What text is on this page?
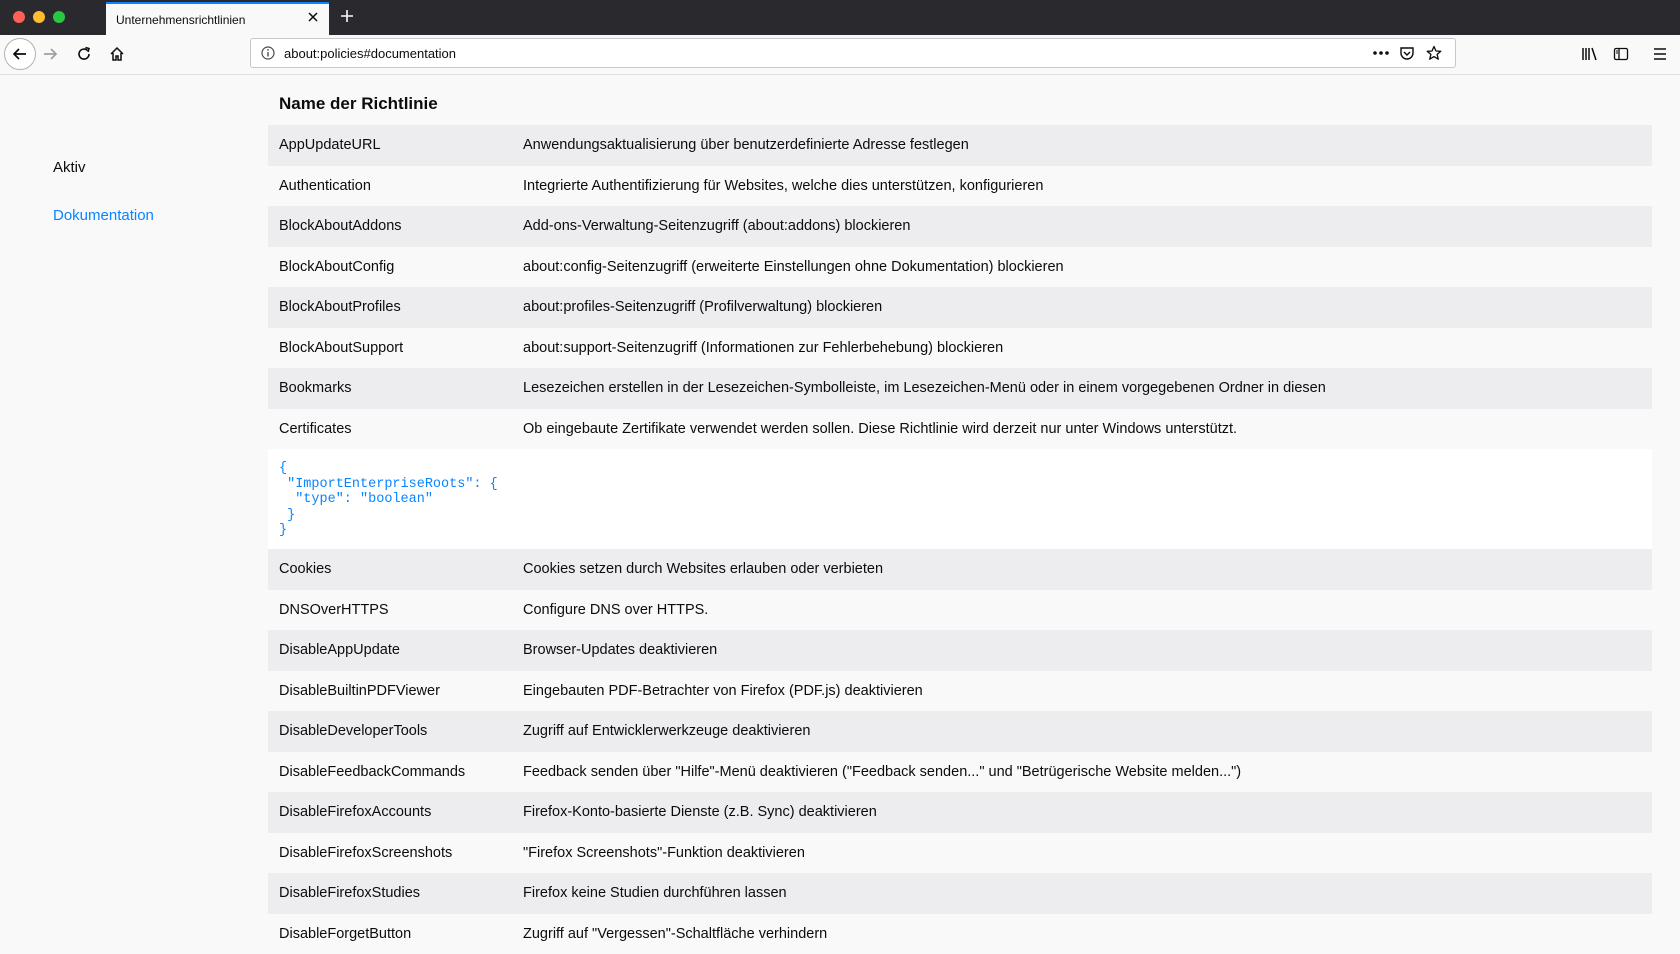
Unternehmensrichtlinien
about:policies#documentation
Aktiv
Dokumentation
Name der Richtlinie
AppUpdateURL	Anwendungsaktualisierung über benutzerdefinierte Adresse festlegen
Authentication	Integrierte Authentifizierung für Websites, welche dies unterstützen, konfigurieren
BlockAboutAddons	Add-ons-Verwaltung-Seitenzugriff (about:addons) blockieren
BlockAboutConfig	about:config-Seitenzugriff (erweiterte Einstellungen ohne Dokumentation) blockieren
BlockAboutProfiles	about:profiles-Seitenzugriff (Profilverwaltung) blockieren
BlockAboutSupport	about:support-Seitenzugriff (Informationen zur Fehlerbehebung) blockieren
Bookmarks	Lesezeichen erstellen in der Lesezeichen-Symbolleiste, im Lesezeichen-Menü oder in einem vorgegebenen Ordner in diesen
Certificates	Ob eingebaute Zertifikate verwendet werden sollen. Diese Richtlinie wird derzeit nur unter Windows unterstützt.
{
"ImportEnterpriseRoots": {
"type": "boolean"
}
}
Cookies	Cookies setzen durch Websites erlauben oder verbieten
DNSOverHTTPS	Configure DNS over HTTPS.
DisableAppUpdate	Browser-Updates deaktivieren
DisableBuiltinPDFViewer	Eingebauten PDF-Betrachter von Firefox (PDF.js) deaktivieren
DisableDeveloperTools	Zugriff auf Entwicklerwerkzeuge deaktivieren
DisableFeedbackCommands	Feedback senden über "Hilfe"-Menü deaktivieren ("Feedback senden..." und "Betrügerische Website melden...")
DisableFirefoxAccounts	Firefox-Konto-basierte Dienste (z.B. Sync) deaktivieren
DisableFirefoxScreenshots	"Firefox Screenshots"-Funktion deaktivieren
DisableFirefoxStudies	Firefox keine Studien durchführen lassen
DisableForgetButton	Zugriff auf "Vergessen"-Schaltfläche verhindern
